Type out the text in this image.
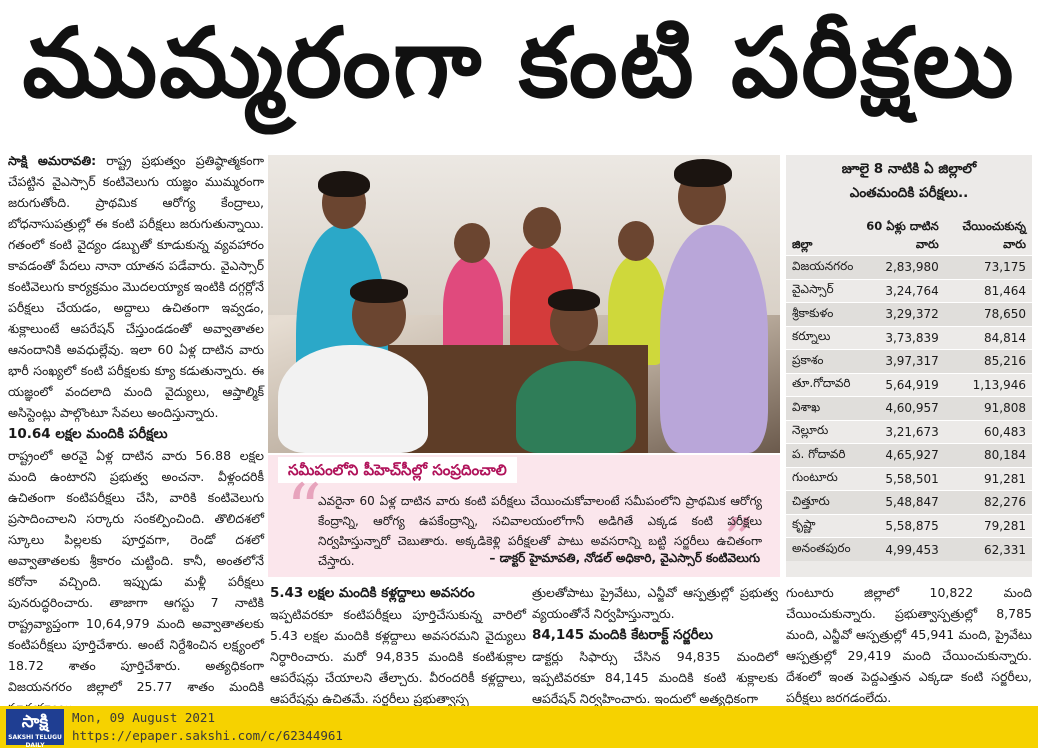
ముమ్మరంగా కంటి పరీక్షలు

సాక్షి అమరావతి: రాష్ట్ర ప్రభుత్వం ప్రతిష్ఠాత్మకంగా చేపట్టిన వైఎస్సార్ కంటివెలుగు యజ్ఞం ముమ్మరంగా జరుగుతోంది. ప్రాథమిక ఆరోగ్య కేంద్రాలు, బోధనాసుపత్రుల్లో ఈ కంటి పరీక్షలు జరుగుతున్నాయి. గతంలో కంటి వైద్యం డబ్బుతో కూడుకున్న వ్యవహారం కావడంతో పేదలు నానా యాతన పడేవారు. వైఎస్సార్ కంటివెలుగు కార్యక్రమం మొదలయ్యాక ఇంటికి దగ్గర్లోనే పరీక్షలు చేయడం, అద్దాలు ఉచితంగా ఇవ్వడం, శుక్లాలుంటే ఆపరేషన్ చేస్తుండడంతో అవ్వాతాతల ఆనందానికి అవధుల్లేవు. ఇలా 60 ఏళ్ల దాటిన వారు భారీ సంఖ్యలో కంటి పరీక్షలకు క్యూ కడుతున్నారు. ఈ యజ్ఞంలో వందలాది మంది వైద్యులు, ఆప్తాల్మిక్ అసిస్టెంట్లు పాల్గొంటూ సేవలు అందిస్తున్నారు.

10.64 లక్షల మందికి పరీక్షలు

రాష్ట్రంలో అరవై ఏళ్ల దాటిన వారు 56.88 లక్షల మంది ఉంటారని ప్రభుత్వ అంచనా. వీళ్లందరికీ ఉచితంగా కంటిపరీక్షలు చేసి, వారికి కంటివెలుగు ప్రసాదించాలని సర్కారు సంకల్పించింది. తొలిదశలో స్కూలు పిల్లలకు పూర్తవగా, రెండో దశలో అవ్వాతాతలకు శ్రీకారం చుట్టింది. కానీ, అంతలోనే కరోనా వచ్చింది. ఇప్పుడు మళ్లీ పరీక్షలు పునరుద్ధరించారు. తాజాగా ఆగస్టు 7 నాటికి రాష్ట్రవ్యాప్తంగా 10,64,979 మంది అవ్వాతాతలకు కంటిపరీక్షలు పూర్తిచేశారు. అంటే నిర్దేశించిన లక్ష్యంలో 18.72 శాతం పూర్తిచేశారు. అత్యధికంగా విజయనగరం జిల్లాలో 25.77 శాతం మందికి

సమీపంలోని పీహెచ్‌సీల్లో సంప్రదించాలి
“	”
ఎవరైనా 60 ఏళ్ల దాటిన వారు కంటి పరీక్షలు చేయించుకోవాలంటే సమీపంలోని ప్రాథమిక ఆరోగ్య కేంద్రాన్ని, ఆరోగ్య ఉపకేంద్రాన్ని, సచివాలయంలోగానీ అడిగితే ఎక్కడ కంటి పరీక్షలు నిర్వహిస్తున్నారో చెబుతారు. అక్కడికెళ్లి పరీక్షలతో పాటు అవసరాన్ని బట్టి సర్జరీలు ఉచితంగా చేస్తారు.	– డాక్టర్ హైమావతి, నోడల్ అధికారి, వైఎస్సార్ కంటివెలుగు
జూలై 8 నాటికి ఏ జిల్లాలో
ఎంతమందికి పరీక్షలు..
జిల్లా	60 ఏళ్లు దాటిన వారు	చేయించుకున్న వారు
విజయనగరం	2,83,980	73,175
వైఎస్సార్	3,24,764	81,464
శ్రీకాకుళం	3,29,372	78,650
కర్నూలు	3,73,839	84,814
ప్రకాశం	3,97,317	85,216
తూ.గోదావరి	5,64,919	1,13,946
విశాఖ	4,60,957	91,808
నెల్లూరు	3,21,673	60,483
ప. గోదావరి	4,65,927	80,184
గుంటూరు	5,58,501	91,281
చిత్తూరు	5,48,847	82,276
కృష్ణా	5,58,875	79,281
అనంతపురం	4,99,453	62,331

5.43 లక్షల మందికి కళ్లద్దాలు అవసరం

ఇప్పటివరకూ కంటిపరీక్షలు పూర్తిచేసుకున్న వారిలో 5.43 లక్షల మందికి కళ్లద్దాలు అవసరమని వైద్యులు నిర్ధారించారు. మరో 94,835 మందికి కంటిశుక్లాల ఆపరేషన్లు చేయాలని తేల్చారు. వీరందరికీ కళ్లద్దాలు, ఆపరేషన్లు ఉచితమే. సర్జరీలు ప్రభుత్వాస్ప

త్రులతోపాటు ప్రైవేటు, ఎన్జీవో ఆస్పత్రుల్లో ప్రభుత్వ వ్యయంతోనే నిర్వహిస్తున్నారు.

84,145 మందికి కేటరాక్ట్ సర్జరీలు

డాక్టర్లు సిఫార్సు చేసిన 94,835 మందిలో ఇప్పటివరకూ 84,145 మందికి కంటి శుక్లాలకు ఆపరేషన్ నిర్వహించారు. ఇందులో అత్యధికంగా

గుంటూరు జిల్లాలో 10,822 మంది చేయించుకున్నారు. ప్రభుత్వాస్పత్రుల్లో 8,785 మంది, ఎన్జీవో ఆస్పత్రుల్లో 45,941 మంది, ప్రైవేటు ఆస్పత్రుల్లో 29,419 మంది చేయించుకున్నారు. దేశంలో ఇంత పెద్దఎత్తున ఎక్కడా కంటి సర్జరీలు, పరీక్షలు జరగడంలేదు.

సాక్షి
SAKSHI TELUGU DAILY
Mon, 09 August 2021
https://epaper.sakshi.com/c/62344961
